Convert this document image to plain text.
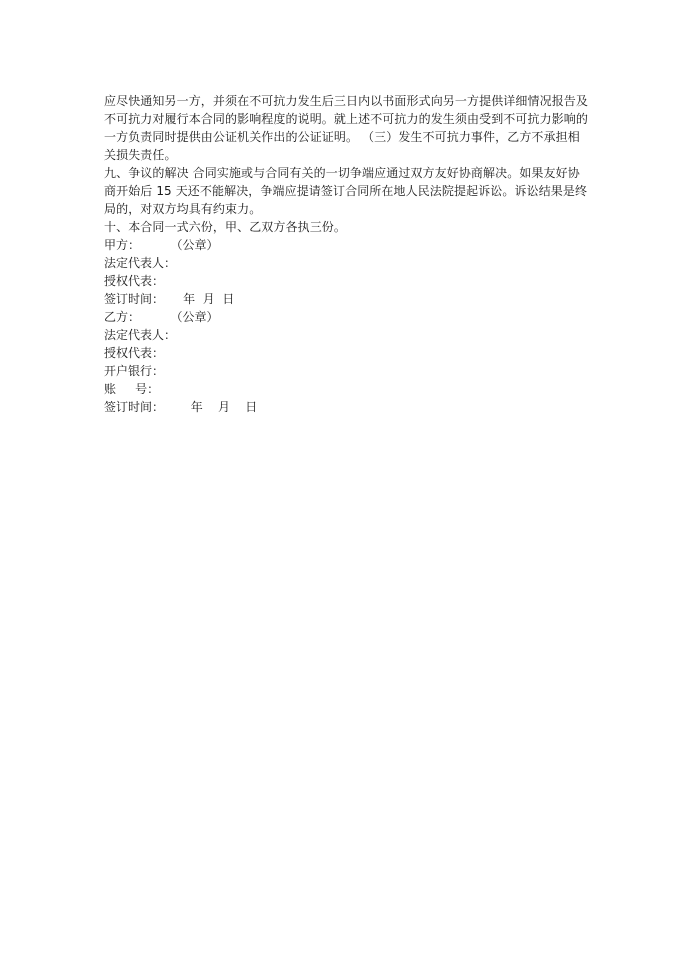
应尽快通知另一方，并须在不可抗力发生后三日内以书面形式向另一方提供详细情况报告及不可抗力对履行本合同的影响程度的说明。就上述不可抗力的发生须由受到不可抗力影响的一方负责同时提供由公证机关作出的公证证明。 （三）发生不可抗力事件，乙方不承担相关损失责任。

九、争议的解决 合同实施或与合同有关的一切争端应通过双方友好协商解决。如果友好协商开始后 15 天还不能解决，争端应提请签订合同所在地人民法院提起诉讼。诉讼结果是终局的，对双方均具有约束力。

十、本合同一式六份，甲、乙双方各执三份。

甲方：        （公章）

法定代表人：

授权代表：

签订时间：     年  月  日

乙方：        （公章）

法定代表人：

授权代表：

开户银行：

账     号：

签订时间：       年    月    日
